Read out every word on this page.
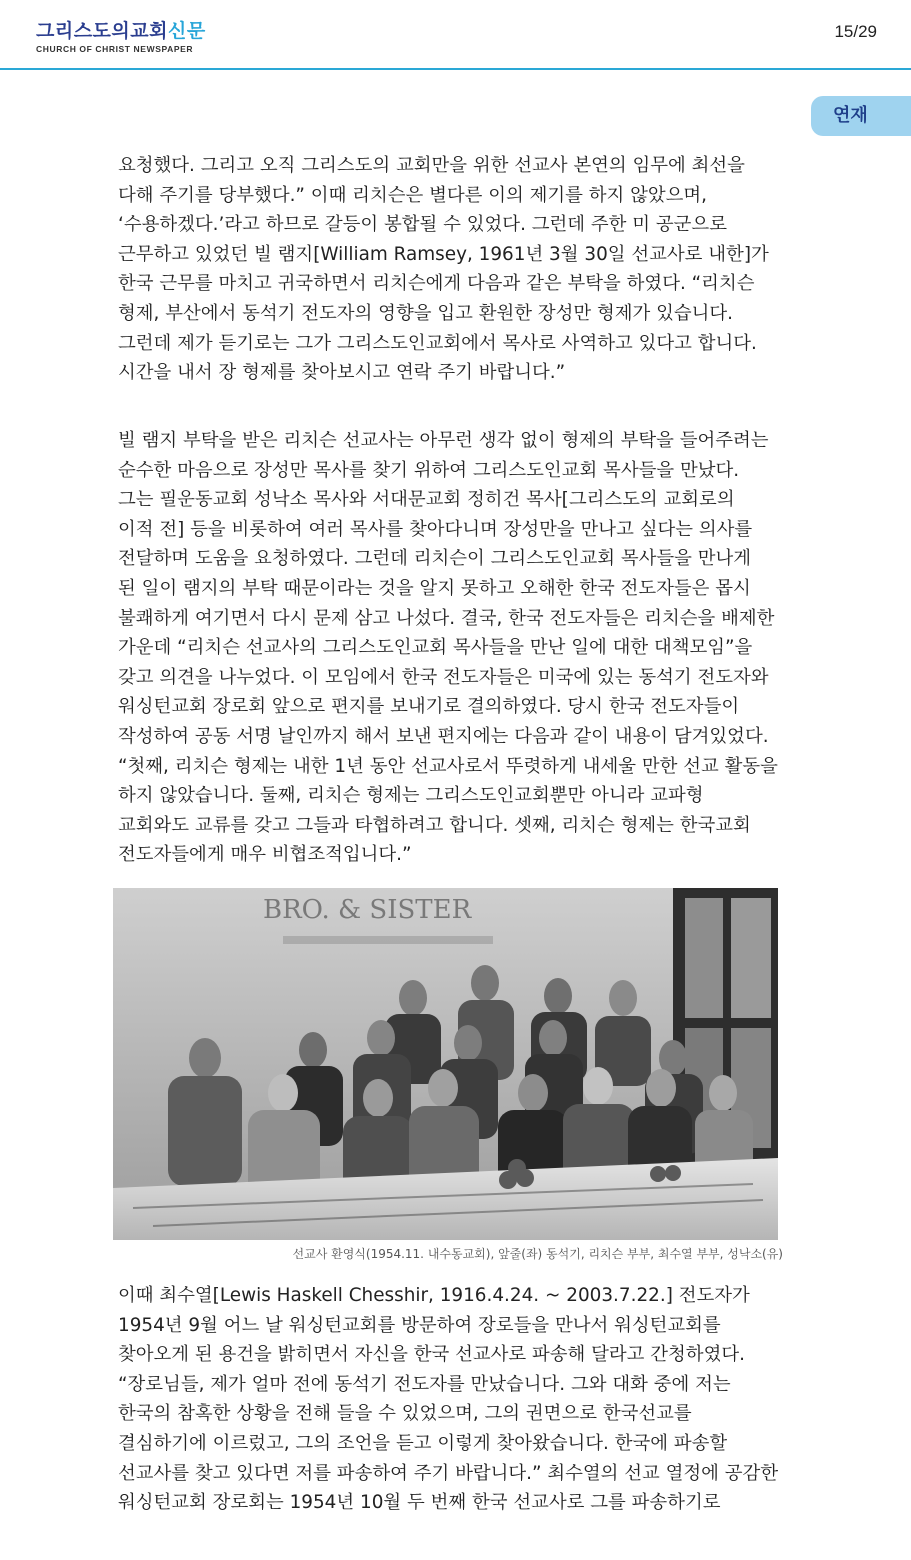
그리스도의교회신문
CHURCH OF CHRIST NEWSPAPER
15/29
연재
요청했다. 그리고 오직 그리스도의 교회만을 위한 선교사 본연의 임무에 최선을
다해 주기를 당부했다.” 이때 리치슨은 별다른 이의 제기를 하지 않았으며,
‘수용하겠다.’라고 하므로 갈등이 봉합될 수 있었다. 그런데 주한 미 공군으로
근무하고 있었던 빌 램지[William Ramsey, 1961년 3월 30일 선교사로 내한]가
한국 근무를 마치고 귀국하면서 리치슨에게 다음과 같은 부탁을 하였다. “리치슨
형제, 부산에서 동석기 전도자의 영향을 입고 환원한 장성만 형제가 있습니다.
그런데 제가 듣기로는 그가 그리스도인교회에서 목사로 사역하고 있다고 합니다.
시간을 내서 장 형제를 찾아보시고 연락 주기 바랍니다.”
빌 램지 부탁을 받은 리치슨 선교사는 아무런 생각 없이 형제의 부탁을 들어주려는
순수한 마음으로 장성만 목사를 찾기 위하여 그리스도인교회 목사들을 만났다.
그는 필운동교회 성낙소 목사와 서대문교회 정히건 목사[그리스도의 교회로의
이적 전] 등을 비롯하여 여러 목사를 찾아다니며 장성만을 만나고 싶다는 의사를
전달하며 도움을 요청하였다. 그런데 리치슨이 그리스도인교회 목사들을 만나게
된 일이 램지의 부탁 때문이라는 것을 알지 못하고 오해한 한국 전도자들은 몹시
불쾌하게 여기면서 다시 문제 삼고 나섰다. 결국, 한국 전도자들은 리치슨을 배제한
가운데 “리치슨 선교사의 그리스도인교회 목사들을 만난 일에 대한 대책모임”을
갖고 의견을 나누었다. 이 모임에서 한국 전도자들은 미국에 있는 동석기 전도자와
워싱턴교회 장로회 앞으로 편지를 보내기로 결의하였다. 당시 한국 전도자들이
작성하여 공동 서명 날인까지 해서 보낸 편지에는 다음과 같이 내용이 담겨있었다.
“첫째, 리치슨 형제는 내한 1년 동안 선교사로서 뚜렷하게 내세울 만한 선교 활동을
하지 않았습니다. 둘째, 리치슨 형제는 그리스도인교회뿐만 아니라 교파형
교회와도 교류를 갖고 그들과 타협하려고 합니다. 셋째, 리치슨 형제는 한국교회
전도자들에게 매우 비협조적입니다.”
BRO. & SISTER
선교사 환영식(1954.11. 내수동교회), 앞줄(좌) 동석기, 리치슨 부부, 최수열 부부, 성낙소(유)
이때 최수열[Lewis Haskell Chesshir, 1916.4.24. ~ 2003.7.22.] 전도자가
1954년 9월 어느 날 워싱턴교회를 방문하여 장로들을 만나서 워싱턴교회를
찾아오게 된 용건을 밝히면서 자신을 한국 선교사로 파송해 달라고 간청하였다.
“장로님들, 제가 얼마 전에 동석기 전도자를 만났습니다. 그와 대화 중에 저는
한국의 참혹한 상황을 전해 들을 수 있었으며, 그의 권면으로 한국선교를
결심하기에 이르렀고, 그의 조언을 듣고 이렇게 찾아왔습니다. 한국에 파송할
선교사를 찾고 있다면 저를 파송하여 주기 바랍니다.” 최수열의 선교 열정에 공감한
워싱턴교회 장로회는 1954년 10월 두 번째 한국 선교사로 그를 파송하기로
